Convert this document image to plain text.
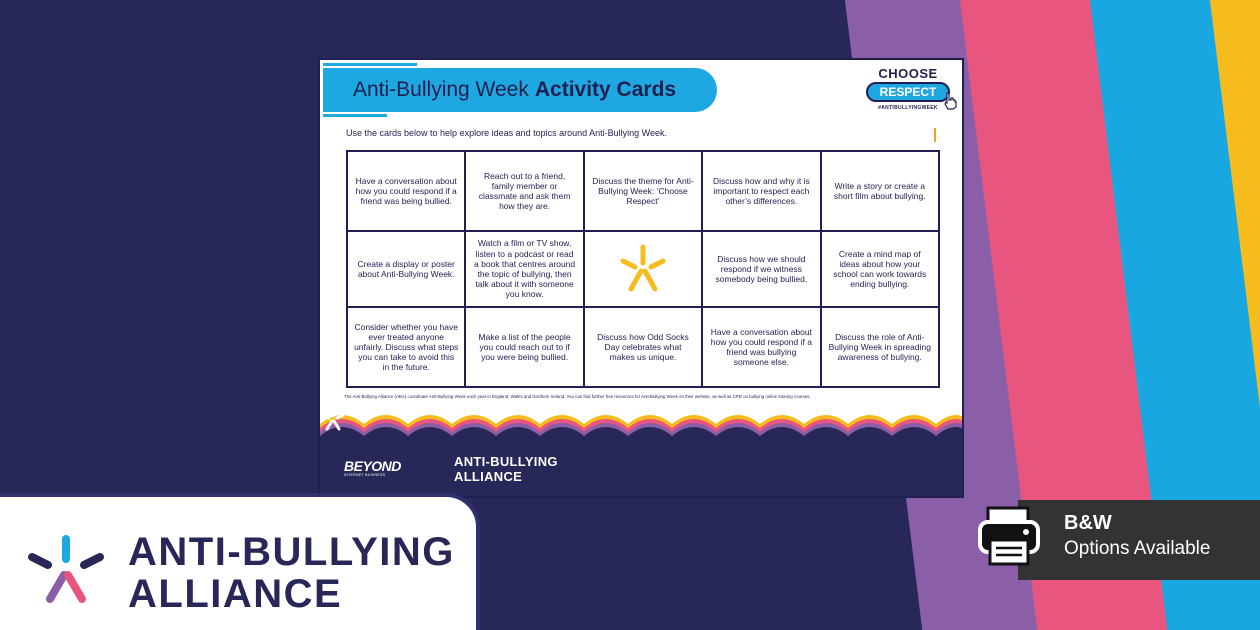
Anti-Bullying Week Activity Cards
CHOOSE
RESPECT
#ANTIBULLYINGWEEK
Use the cards below to help explore ideas and topics around Anti-Bullying Week.
Have a conversation about how you could respond if a friend was being bullied.
Reach out to a friend, family member or classmate and ask them how they are.
Discuss the theme for Anti-Bullying Week: ‘Choose Respect’
Discuss how and why it is important to respect each other’s differences.
Write a story or create a short film about bullying.
Create a display or poster about Anti-Bullying Week.
Watch a film or TV show, listen to a podcast or read a book that centres around the topic of bullying, then talk about it with someone you know.
Discuss how we should respond if we witness somebody being bullied.
Create a mind map of ideas about how your school can work towards ending bullying.
Consider whether you have ever treated anyone unfairly. Discuss what steps you can take to avoid this in the future.
Make a list of the people you could reach out to if you were being bullied.
Discuss how Odd Socks Day celebrates what makes us unique.
Have a conversation about how you could respond if a friend was bullying someone else.
Discuss the role of Anti-Bullying Week in spreading awareness of bullying.
The Anti-Bullying Alliance (ABA) coordinate Anti-Bullying Week each year in England, Wales and Northern Ireland. You can find further free resources for Anti-Bullying Week on their website, as well as CPD on bullying online training courses.
BEYOND
INTERNET BUSINESS
ANTI-BULLYING
ALLIANCE
ANTI-BULLYING
ALLIANCE
B&W
Options Available
